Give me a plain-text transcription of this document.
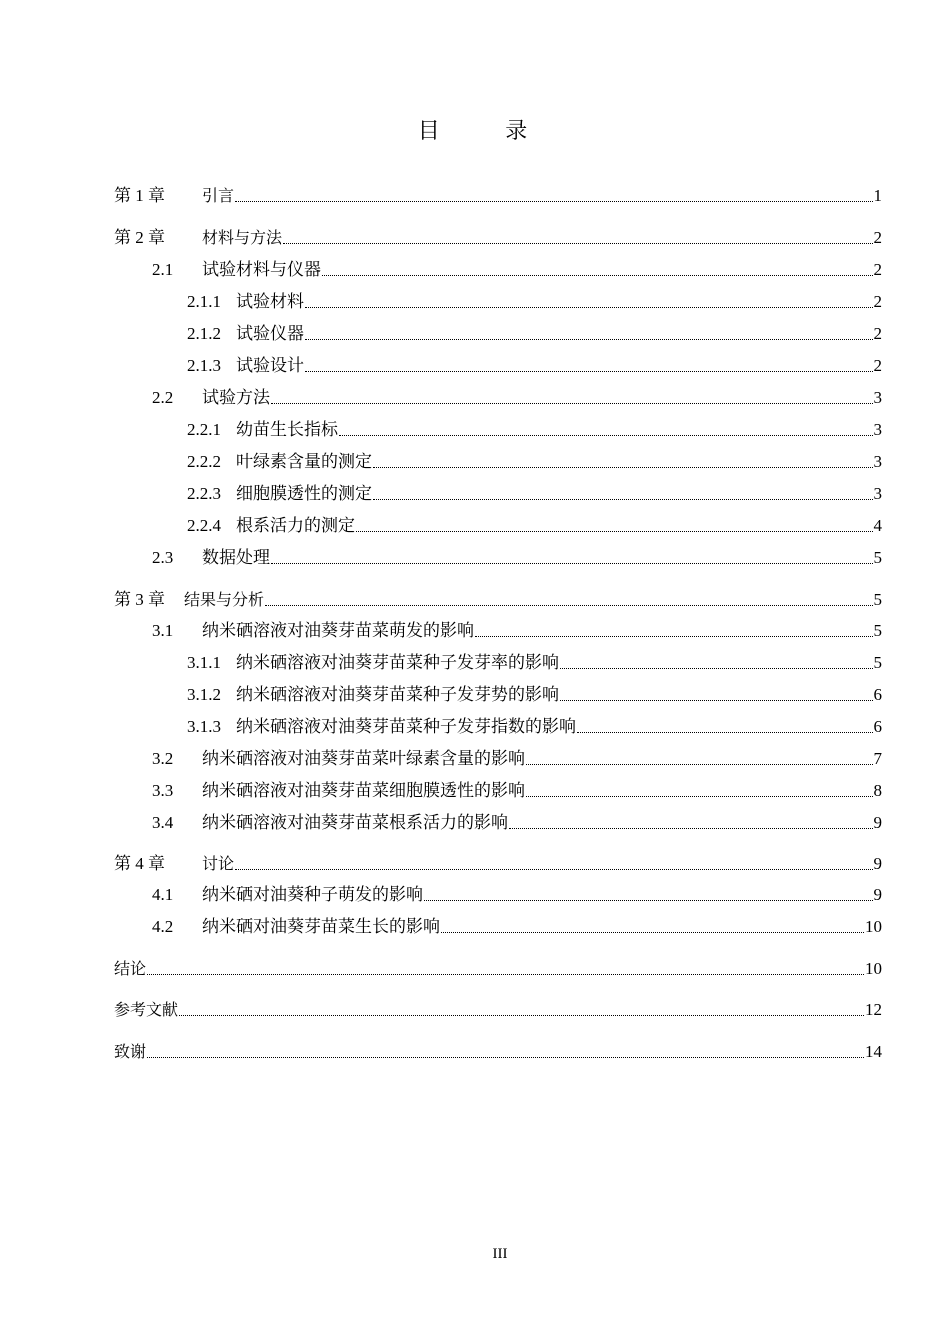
目 录
第 1 章	引言	1
第 2 章	材料与方法	2
2.1	试验材料与仪器	2
2.1.1 试验材料	2
2.1.2 试验仪器	2
2.1.3 试验设计	2
2.2	试验方法	3
2.2.1 幼苗生长指标	3
2.2.2 叶绿素含量的测定	3
2.2.3 细胞膜透性的测定	3
2.2.4 根系活力的测定	4
2.3	数据处理	5
第 3 章	结果与分析	5
3.1	纳米硒溶液对油葵芽苗菜萌发的影响	5
3.1.1 纳米硒溶液对油葵芽苗菜种子发芽率的影响	5
3.1.2 纳米硒溶液对油葵芽苗菜种子发芽势的影响	6
3.1.3 纳米硒溶液对油葵芽苗菜种子发芽指数的影响	6
3.2	纳米硒溶液对油葵芽苗菜叶绿素含量的影响	7
3.3	纳米硒溶液对油葵芽苗菜细胞膜透性的影响	8
3.4	纳米硒溶液对油葵芽苗菜根系活力的影响	9
第 4 章	讨论	9
4.1	纳米硒对油葵种子萌发的影响	9
4.2	纳米硒对油葵芽苗菜生长的影响	10
结论	10
参考文献	12
致谢	14
III
